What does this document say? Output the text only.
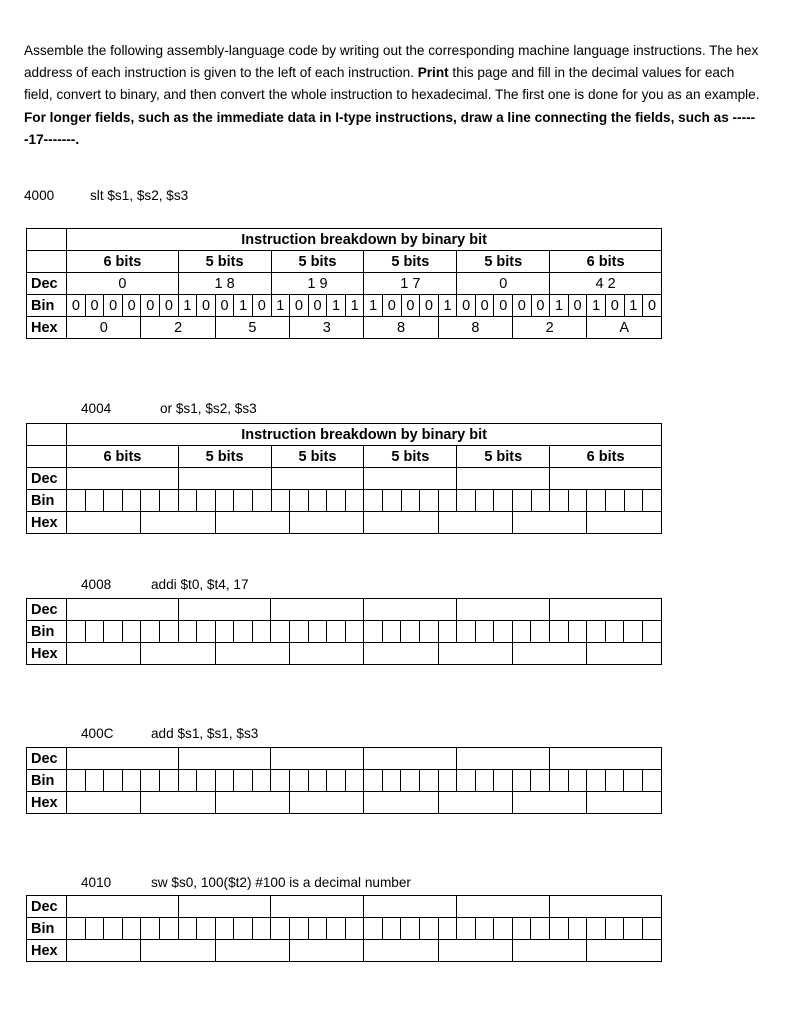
Assemble the following assembly-language code by writing out the corresponding machine language instructions. The hex address of each instruction is given to the left of each instruction. Print this page and fill in the decimal values for each field, convert to binary, and then convert the whole instruction to hexadecimal. The first one is done for you as an example. For longer fields, such as the immediate data in I-type instructions, draw a line connecting the fields, such as ------17-------.
4000	slt $s1, $s2, $s3
	Instruction breakdown by binary bit																															
	6 bits						5 bits					5 bits					5 bits					5 bits					6 bits					
Dec	0						1 8					1 9					1 7					0					4 2					
Bin	0	0	0	0	0	0	1	0	0	1	0	1	0	0	1	1	1	0	0	0	1	0	0	0	0	0	1	0	1	0	1	0
Hex	0				2				5				3				8				8				2				A			
4004	or $s1, $s2, $s3
	Instruction breakdown by binary bit																															
	6 bits						5 bits					5 bits					5 bits					5 bits					6 bits					
Dec																																
Bin																																
Hex																																
4008	addi $t0, $t4, 17
Dec																																
Bin																																
Hex																																
400C	add $s1, $s1, $s3
Dec																																
Bin																																
Hex																																
4010	sw $s0, 100($t2) #100 is a decimal number
Dec																																
Bin																																
Hex																																
